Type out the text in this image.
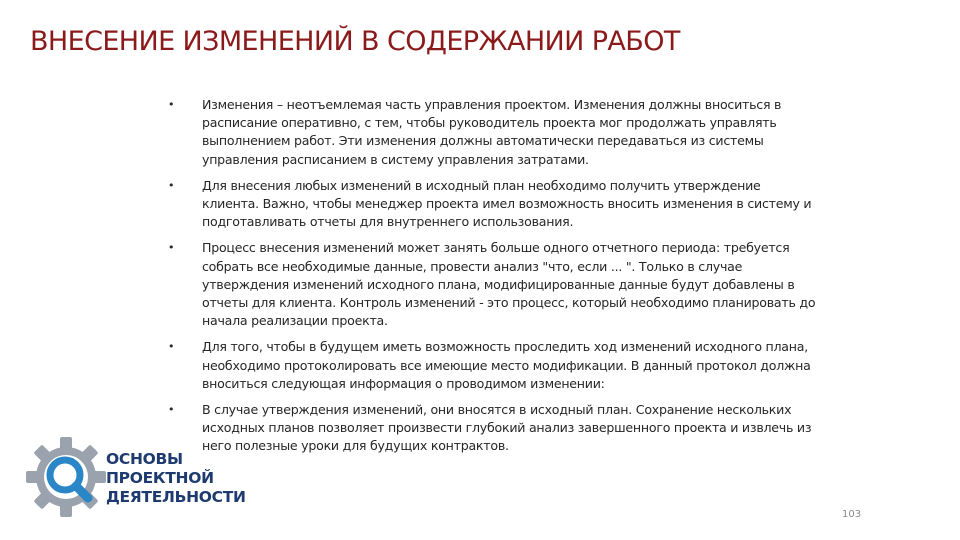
ВНЕСЕНИЕ ИЗМЕНЕНИЙ В СОДЕРЖАНИИ РАБОТ
• Изменения – неотъемлемая часть управления проектом. Изменения должны вноситься в расписание оперативно, с тем, чтобы руководитель проекта мог продолжать управлять выполнением работ. Эти изменения должны автоматически передаваться из системы управления расписанием в систему управления затратами.
• Для внесения любых изменений в исходный план необходимо получить утверждение клиента. Важно, чтобы менеджер проекта имел возможность вносить изменения в систему и подготавливать отчеты для внутреннего использования.
• Процесс внесения изменений может занять больше одного отчетного периода: требуется собрать все необходимые данные, провести анализ "что, если ... ". Только в случае утверждения изменений исходного плана, модифицированные данные будут добавлены в отчеты для клиента. Контроль изменений - это процесс, который необходимо планировать до начала реализации проекта.
• Для того, чтобы в будущем иметь возможность проследить ход изменений исходного плана, необходимо протоколировать все имеющие место модификации. В данный протокол должна вноситься следующая информация о проводимом изменении:
• В случае утверждения изменений, они вносятся в исходный план. Сохранение нескольких исходных планов позволяет произвести глубокий анализ завершенного проекта и извлечь из него полезные уроки для будущих контрактов.
ОСНОВЫ
ПРОЕКТНОЙ
ДЕЯТЕЛЬНОСТИ
103
